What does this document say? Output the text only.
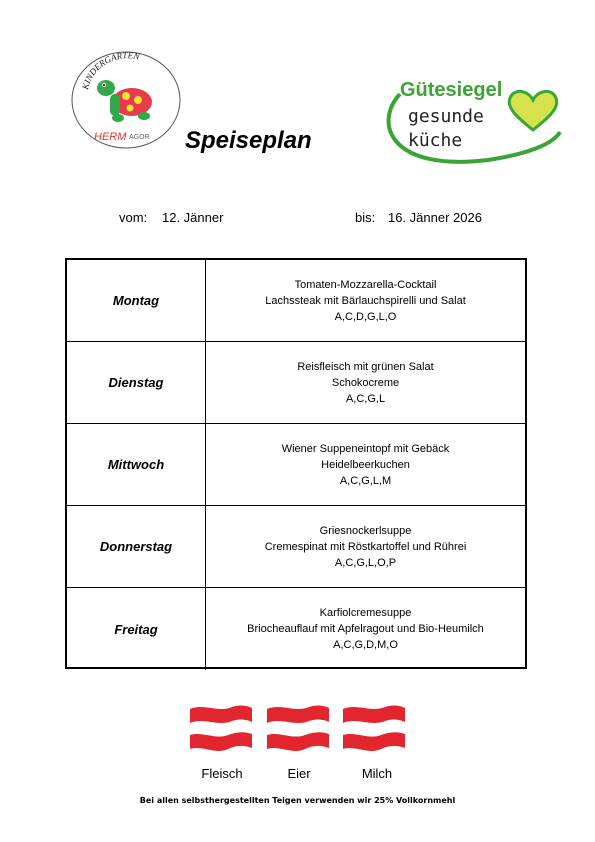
KINDERGARTEN
HERM AGOR Speiseplan
Gütesiegel
gesunde
küche
vom: 12. Jänner	bis: 16. Jänner 2026
Montag
Tomaten-Mozzarella-Cocktail
Lachssteak mit Bärlauchspirelli und Salat
A,C,D,G,L,O
Dienstag
Reisfleisch mit grünen Salat
Schokocreme
A,C,G,L
Mittwoch
Wiener Suppeneintopf mit Gebäck
Heidelbeerkuchen
A,C,G,L,M
Donnerstag
Griesnockerlsuppe
Cremespinat mit Röstkartoffel und Rührei
A,C,G,L,O,P
Freitag
Karfiolcremesuppe
Briocheauflauf mit Apfelragout und Bio-Heumilch
A,C,G,D,M,O
Fleisch	Eier	Milch
Bei allen selbsthergestellten Teigen verwenden wir 25% Vollkornmehl
